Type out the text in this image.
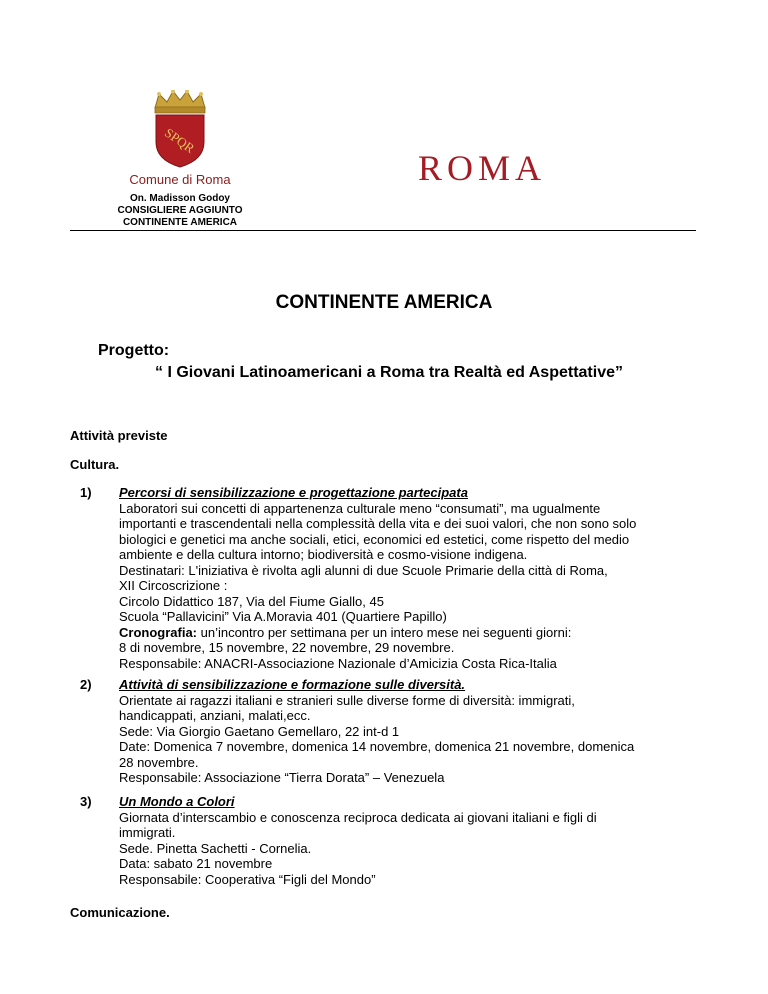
SPQR
Comune di Roma
On. Madisson Godoy
CONSIGLIERE AGGIUNTO
CONTINENTE AMERICA
ROMA
CONTINENTE AMERICA
Progetto:
“ I Giovani Latinoamericani a Roma tra Realtà ed Aspettative”
Attività previste
Cultura.
1) Percorsi di sensibilizzazione e progettazione partecipata
Laboratori sui concetti di appartenenza culturale meno “consumati”, ma ugualmente
importanti e trascendentali nella complessità della vita e dei suoi valori, che non sono solo
biologici e genetici ma anche sociali, etici, economici ed estetici, come rispetto del medio
ambiente e della cultura intorno; biodiversità e cosmo-visione indigena.
Destinatari: L'iniziativa è rivolta agli alunni di due Scuole Primarie della città di Roma,
XII Circoscrizione :
Circolo Didattico 187, Via del Fiume Giallo, 45
Scuola “Pallavicini” Via A.Moravia 401 (Quartiere Papillo)
Cronografia: un’incontro per settimana per un intero mese nei seguenti giorni:
8 di novembre, 15 novembre, 22 novembre, 29 novembre.
Responsabile: ANACRI-Associazione Nazionale d’Amicizia Costa Rica-Italia
2) Attività di sensibilizzazione e formazione sulle diversità.
Orientate ai ragazzi italiani e stranieri sulle diverse forme di diversità: immigrati,
handicappati, anziani, malati,ecc.
Sede: Via Giorgio Gaetano Gemellaro, 22 int-d 1
Date: Domenica 7 novembre, domenica 14 novembre, domenica 21 novembre, domenica
28 novembre.
Responsabile: Associazione “Tierra Dorata” – Venezuela
3) Un Mondo a Colori
Giornata d’interscambio e conoscenza reciproca dedicata ai giovani italiani e figli di
immigrati.
Sede. Pinetta Sachetti - Cornelia.
Data: sabato 21 novembre
Responsabile: Cooperativa “Figli del Mondo”
Comunicazione.
